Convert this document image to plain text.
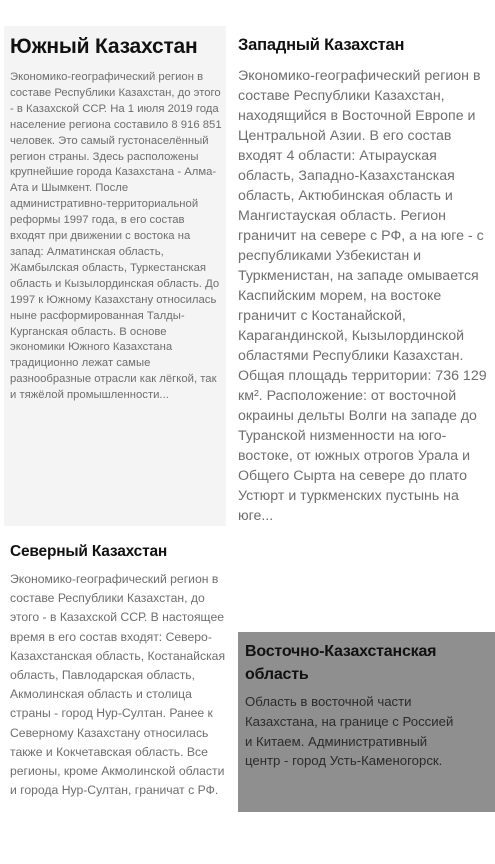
Южный Казахстан

Экономико-географический регион в составе Республики Казахстан, до этого - в Казахской ССР. На 1 июля 2019 года население региона составило 8 916 851 человек. Это самый густонаселённый регион страны. Здесь расположены крупнейшие города Казахстана - Алма-Ата и Шымкент. После административно-территориальной реформы 1997 года, в его состав входят при движении с востока на запад: Алматинская область, Жамбылская область, Туркестанская область и Кызылординская область. До 1997 к Южному Казахстану относилась ныне расформированная Талды-Курганская область. В основе экономики Южного Казахстана традиционно лежат самые разнообразные отрасли как лёгкой, так и тяжёлой промышленности...

Западный Казахстан

Экономико-географический регион в составе Республики Казахстан, находящийся в Восточной Европе и Центральной Азии. В его состав входят 4 области: Атырауская область, Западно-Казахстанская область, Актюбинская область и Мангистауская область. Регион граничит на севере с РФ, а на юге - с республиками Узбекистан и Туркменистан, на западе омывается Каспийским морем, на востоке граничит с Костанайской, Карагандинской, Кызылординской областями Республики Казахстан. Общая площадь территории: 736 129 км². Расположение: от восточной окраины дельты Волги на западе до Туранской низменности на юго-востоке, от южных отрогов Урала и Общего Сырта на севере до плато Устюрт и туркменских пустынь на юге...

Северный Казахстан

Экономико-географический регион в составе Республики Казахстан, до этого - в Казахской ССР. В настоящее время в его состав входят: Северо-Казахстанская область, Костанайская область, Павлодарская область, Акмолинская область и столица страны - город Нур-Султан. Ранее к Северному Казахстану относилась также и Кокчетавская область. Все регионы, кроме Акмолинской области и города Нур-Султан, граничат с РФ.

Восточно-Казахстанская область

Область в восточной части Казахстана, на границе с Россией и Китаем. Административный центр - город Усть-Каменогорск.
